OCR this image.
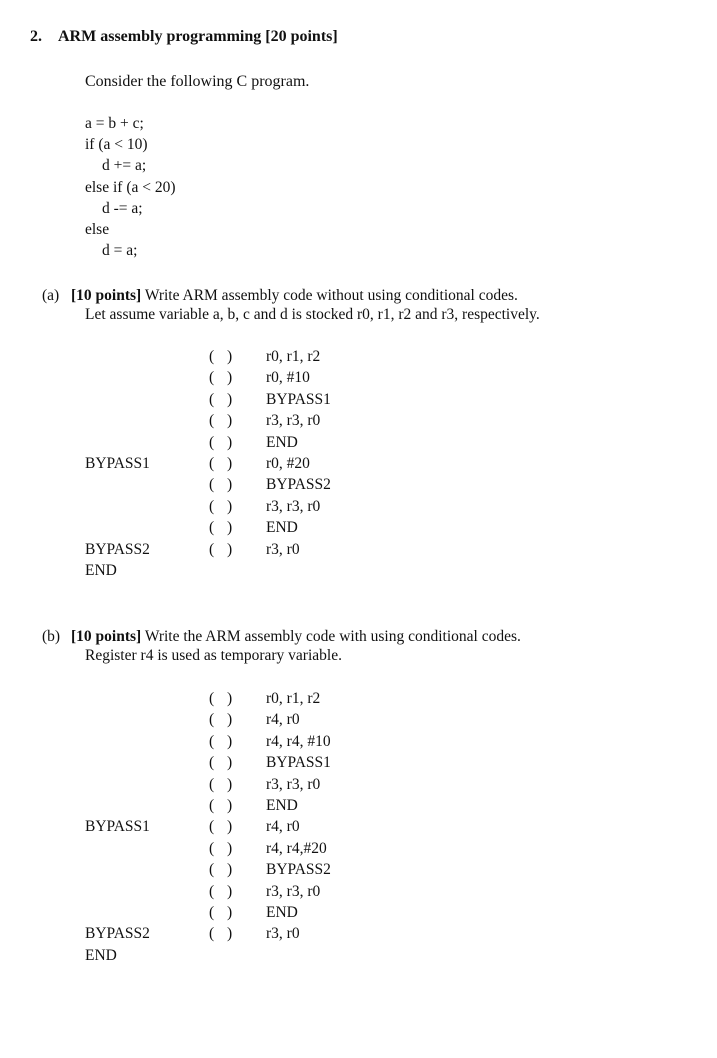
2. ARM assembly programming [20 points]
Consider the following C program.
a = b + c;
if (a < 10)
d += a;
else if (a < 20)
d -= a;
else
d = a;
(a) [10 points] Write ARM assembly code without using conditional codes.
Let assume variable a, b, c and d is stocked r0, r1, r2 and r3, respectively.
( ) r0, r1, r2
( ) r0, #10
( ) BYPASS1
( ) r3, r3, r0
( ) END
BYPASS1	( ) r0, #20
( ) BYPASS2
( ) r3, r3, r0
( ) END
BYPASS2	( ) r3, r0
END
(b) [10 points] Write the ARM assembly code with using conditional codes.
Register r4 is used as temporary variable.
( ) r0, r1, r2
( ) r4, r0
( ) r4, r4, #10
( ) BYPASS1
( ) r3, r3, r0
( ) END
BYPASS1	( ) r4, r0
( ) r4, r4,#20
( ) BYPASS2
( ) r3, r3, r0
( ) END
BYPASS2	( ) r3, r0
END
